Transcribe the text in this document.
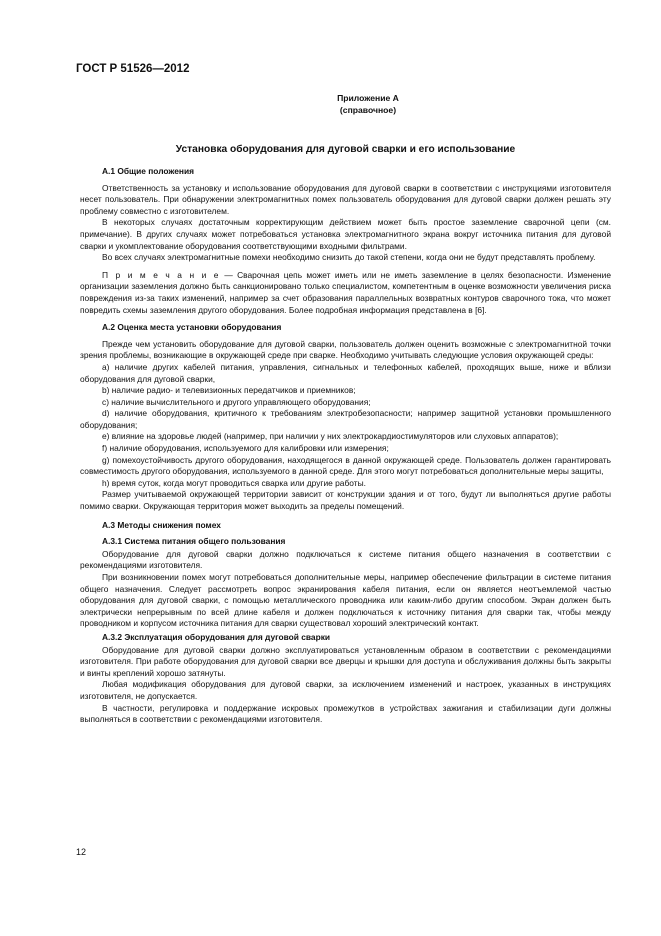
ГОСТ Р 51526—2012
Приложение А
(справочное)
Установка оборудования для дуговой сварки и его использование
А.1 Общие положения

Ответственность за установку и использование оборудования для дуговой сварки в соответствии с инструкциями изготовителя несет пользователь. При обнаружении электромагнитных помех пользователь оборудования для дуговой сварки должен решать эту проблему совместно с изготовителем.

В некоторых случаях достаточным корректирующим действием может быть простое заземление сварочной цепи (см. примечание). В других случаях может потребоваться установка электромагнитного экрана вокруг источника питания для дуговой сварки и укомплектование оборудования соответствующими входными фильтрами.

Во всех случаях электромагнитные помехи необходимо снизить до такой степени, когда они не будут представлять проблему.

П р и м е ч а н и е — Сварочная цепь может иметь или не иметь заземление в целях безопасности. Изменение организации заземления должно быть санкционировано только специалистом, компетентным в оценке возможности увеличения риска повреждения из-за таких изменений, например за счет образования параллельных возвратных контуров сварочного тока, что может повредить схемы заземления другого оборудования. Более подробная информация представлена в [6].

А.2 Оценка места установки оборудования

Прежде чем установить оборудование для дуговой сварки, пользователь должен оценить возможные с электромагнитной точки зрения проблемы, возникающие в окружающей среде при сварке. Необходимо учитывать следующие условия окружающей среды:

а) наличие других кабелей питания, управления, сигнальных и телефонных кабелей, проходящих выше, ниже и вблизи оборудования для дуговой сварки,

b) наличие радио- и телевизионных передатчиков и приемников;

c) наличие вычислительного и другого управляющего оборудования;

d) наличие оборудования, критичного к требованиям электробезопасности; например защитной установки промышленного оборудования;

e) влияние на здоровье людей (например, при наличии у них электрокардиостимуляторов или слуховых аппаратов);

f) наличие оборудования, используемого для калибровки или измерения;

g) помехоустойчивость другого оборудования, находящегося в данной окружающей среде. Пользователь должен гарантировать совместимость другого оборудования, используемого в данной среде. Для этого могут потребоваться дополнительные меры защиты,

h) время суток, когда могут проводиться сварка или другие работы.

Размер учитываемой окружающей территории зависит от конструкции здания и от того, будут ли выполняться другие работы помимо сварки. Окружающая территория может выходить за пределы помещений.

А.3 Методы снижения помех
А.3.1 Система питания общего пользования

Оборудование для дуговой сварки должно подключаться к системе питания общего назначения в соответствии с рекомендациями изготовителя.

При возникновении помех могут потребоваться дополнительные меры, например обеспечение фильтрации в системе питания общего назначения. Следует рассмотреть вопрос экранирования кабеля питания, если он является неотъемлемой частью оборудования для дуговой сварки, с помощью металлического проводника или каким-либо другим способом. Экран должен быть электрически непрерывным по всей длине кабеля и должен подключаться к источнику питания для сварки так, чтобы между проводником и корпусом источника питания для сварки существовал хороший электрический контакт.

А.3.2 Эксплуатация оборудования для дуговой сварки

Оборудование для дуговой сварки должно эксплуатироваться установленным образом в соответствии с рекомендациями изготовителя. При работе оборудования для дуговой сварки все дверцы и крышки для доступа и обслуживания должны быть закрыты и винты креплений хорошо затянуты.

Любая модификация оборудования для дуговой сварки, за исключением изменений и настроек, указанных в инструкциях изготовителя, не допускается.

В частности, регулировка и поддержание искровых промежутков в устройствах зажигания и стабилизации дуги должны выполняться в соответствии с рекомендациями изготовителя.

12
